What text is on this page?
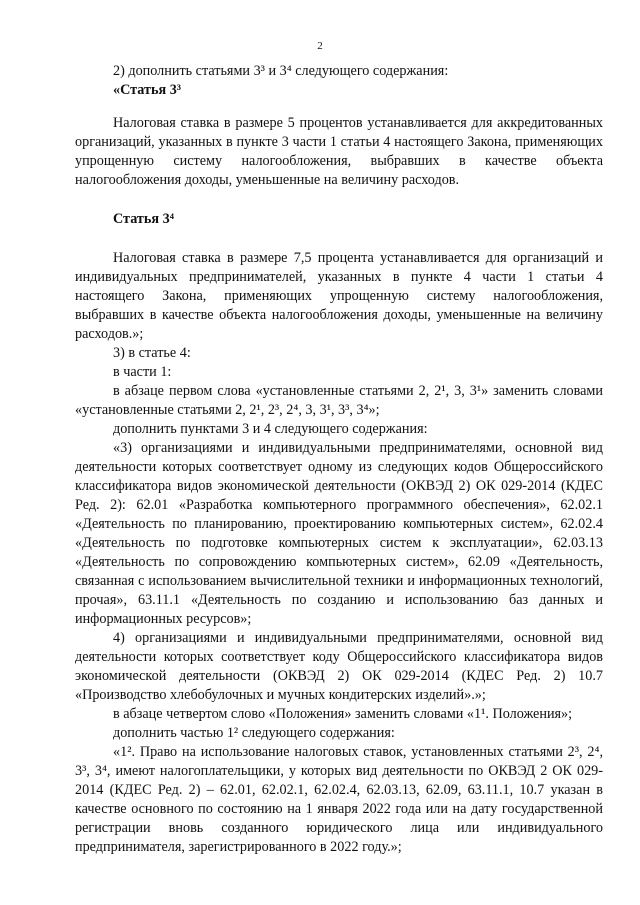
2

2) дополнить статьями 3³ и 3⁴ следующего содержания:

«Статья 3³

Налоговая ставка в размере 5 процентов устанавливается для аккредитованных организаций, указанных в пункте 3 части 1 статьи 4 настоящего Закона, применяющих упрощенную систему налогообложения, выбравших в качестве объекта налогообложения доходы, уменьшенные на величину расходов.

Статья 3⁴

Налоговая ставка в размере 7,5 процента устанавливается для организаций и индивидуальных предпринимателей, указанных в пункте 4 части 1 статьи 4 настоящего Закона, применяющих упрощенную систему налогообложения, выбравших в качестве объекта налогообложения доходы, уменьшенные на величину расходов.»;

3) в статье 4:

в части 1:

в абзаце первом слова «установленные статьями 2, 2¹, 3, 3¹» заменить словами «установленные статьями 2, 2¹, 2³, 2⁴, 3, 3¹, 3³, 3⁴»;

дополнить пунктами 3 и 4 следующего содержания:

«3) организациями и индивидуальными предпринимателями, основной вид деятельности которых соответствует одному из следующих кодов Общероссийского классификатора видов экономической деятельности (ОКВЭД 2) ОК 029-2014 (КДЕС Ред. 2): 62.01 «Разработка компьютерного программного обеспечения», 62.02.1 «Деятельность по планированию, проектированию компьютерных систем», 62.02.4 «Деятельность по подготовке компьютерных систем к эксплуатации», 62.03.13 «Деятельность по сопровождению компьютерных систем», 62.09 «Деятельность, связанная с использованием вычислительной техники и информационных технологий, прочая», 63.11.1 «Деятельность по созданию и использованию баз данных и информационных ресурсов»;

4) организациями и индивидуальными предпринимателями, основной вид деятельности которых соответствует коду Общероссийского классификатора видов экономической деятельности (ОКВЭД 2) ОК 029-2014 (КДЕС Ред. 2) 10.7 «Производство хлебобулочных и мучных кондитерских изделий».»;

в абзаце четвертом слово «Положения» заменить словами «1¹. Положения»;

дополнить частью 1² следующего содержания:

«1². Право на использование налоговых ставок, установленных статьями 2³, 2⁴, 3³, 3⁴, имеют налогоплательщики, у которых вид деятельности по ОКВЭД 2 ОК 029-2014 (КДЕС Ред. 2) – 62.01, 62.02.1, 62.02.4, 62.03.13, 62.09, 63.11.1, 10.7 указан в качестве основного по состоянию на 1 января 2022 года или на дату государственной регистрации вновь созданного юридического лица или индивидуального предпринимателя, зарегистрированного в 2022 году.»;
